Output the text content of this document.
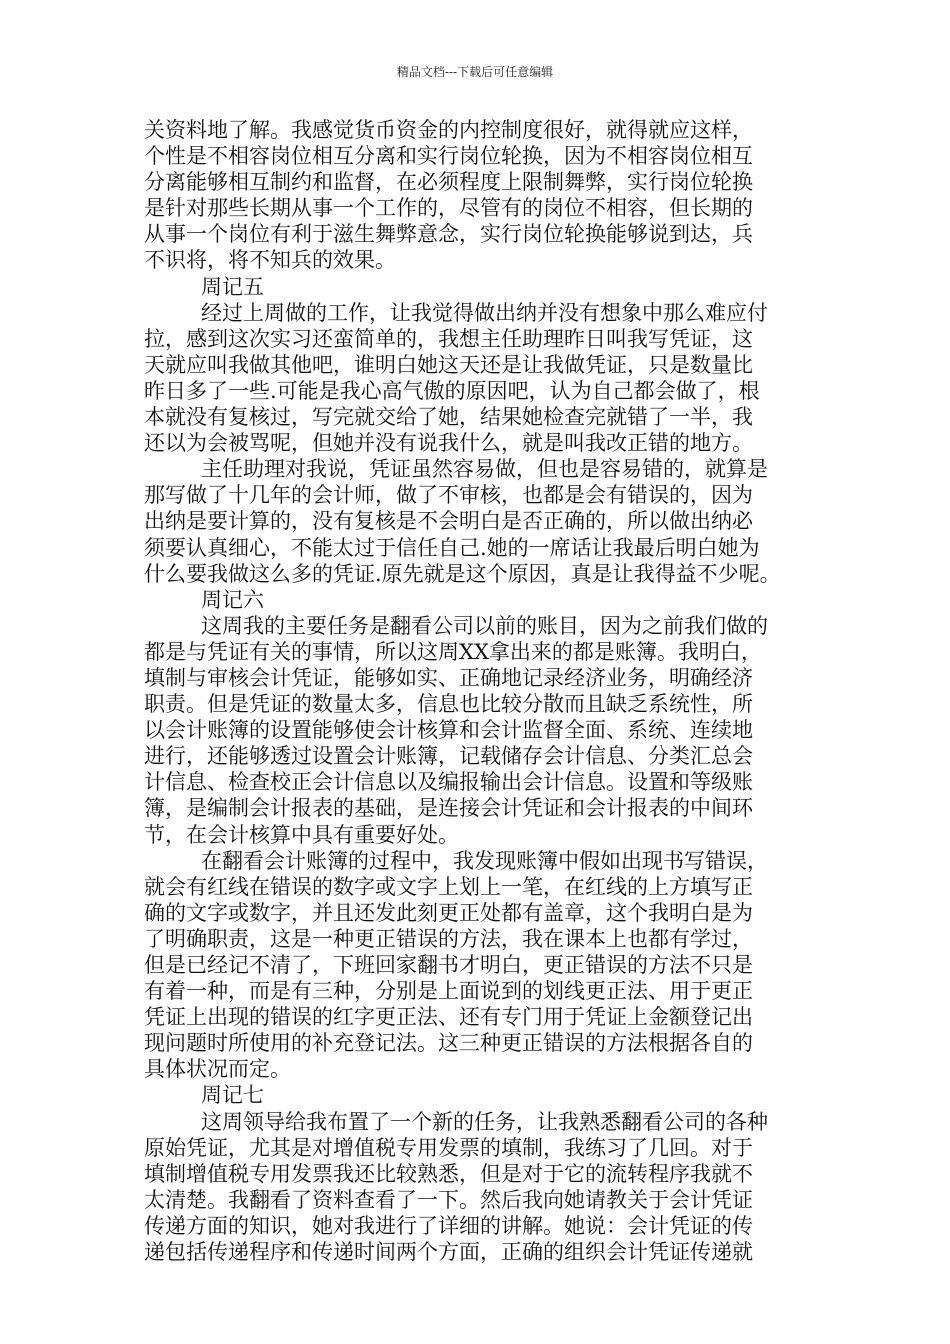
精品文档---下载后可任意编辑
关资料地了解。我感觉货币资金的内控制度很好，就得就应这样，
个性是不相容岗位相互分离和实行岗位轮换，因为不相容岗位相互
分离能够相互制约和监督，在必须程度上限制舞弊，实行岗位轮换
是针对那些长期从事一个工作的，尽管有的岗位不相容，但长期的
从事一个岗位有利于滋生舞弊意念，实行岗位轮换能够说到达，兵
不识将，将不知兵的效果。
周记五
经过上周做的工作，让我觉得做出纳并没有想象中那么难应付
拉，感到这次实习还蛮简单的，我想主任助理昨日叫我写凭证，这
天就应叫我做其他吧，谁明白她这天还是让我做凭证，只是数量比
昨日多了一些.可能是我心高气傲的原因吧，认为自己都会做了，根
本就没有复核过，写完就交给了她，结果她检查完就错了一半，我
还以为会被骂呢，但她并没有说我什么，就是叫我改正错的地方。
主任助理对我说，凭证虽然容易做，但也是容易错的，就算是
那写做了十几年的会计师，做了不审核，也都是会有错误的，因为
出纳是要计算的，没有复核是不会明白是否正确的，所以做出纳必
须要认真细心，不能太过于信任自己.她的一席话让我最后明白她为
什么要我做这么多的凭证.原先就是这个原因，真是让我得益不少呢。
周记六
这周我的主要任务是翻看公司以前的账目，因为之前我们做的
都是与凭证有关的事情，所以这周XX拿出来的都是账簿。我明白，
填制与审核会计凭证，能够如实、正确地记录经济业务，明确经济
职责。但是凭证的数量太多，信息也比较分散而且缺乏系统性，所
以会计账簿的设置能够使会计核算和会计监督全面、系统、连续地
进行，还能够透过设置会计账簿，记载储存会计信息、分类汇总会
计信息、检查校正会计信息以及编报输出会计信息。设置和等级账
簿，是编制会计报表的基础，是连接会计凭证和会计报表的中间环
节，在会计核算中具有重要好处。
在翻看会计账簿的过程中，我发现账簿中假如出现书写错误，
就会有红线在错误的数字或文字上划上一笔，在红线的上方填写正
确的文字或数字，并且还发此刻更正处都有盖章，这个我明白是为
了明确职责，这是一种更正错误的方法，我在课本上也都有学过，
但是已经记不清了，下班回家翻书才明白，更正错误的方法不只是
有着一种，而是有三种，分别是上面说到的划线更正法、用于更正
凭证上出现的错误的红字更正法、还有专门用于凭证上金额登记出
现问题时所使用的补充登记法。这三种更正错误的方法根据各自的
具体状况而定。
周记七
这周领导给我布置了一个新的任务，让我熟悉翻看公司的各种
原始凭证，尤其是对增值税专用发票的填制，我练习了几回。对于
填制增值税专用发票我还比较熟悉，但是对于它的流转程序我就不
太清楚。我翻看了资料查看了一下。然后我向她请教关于会计凭证
传递方面的知识，她对我进行了详细的讲解。她说：会计凭证的传
递包括传递程序和传递时间两个方面，正确的组织会计凭证传递就
